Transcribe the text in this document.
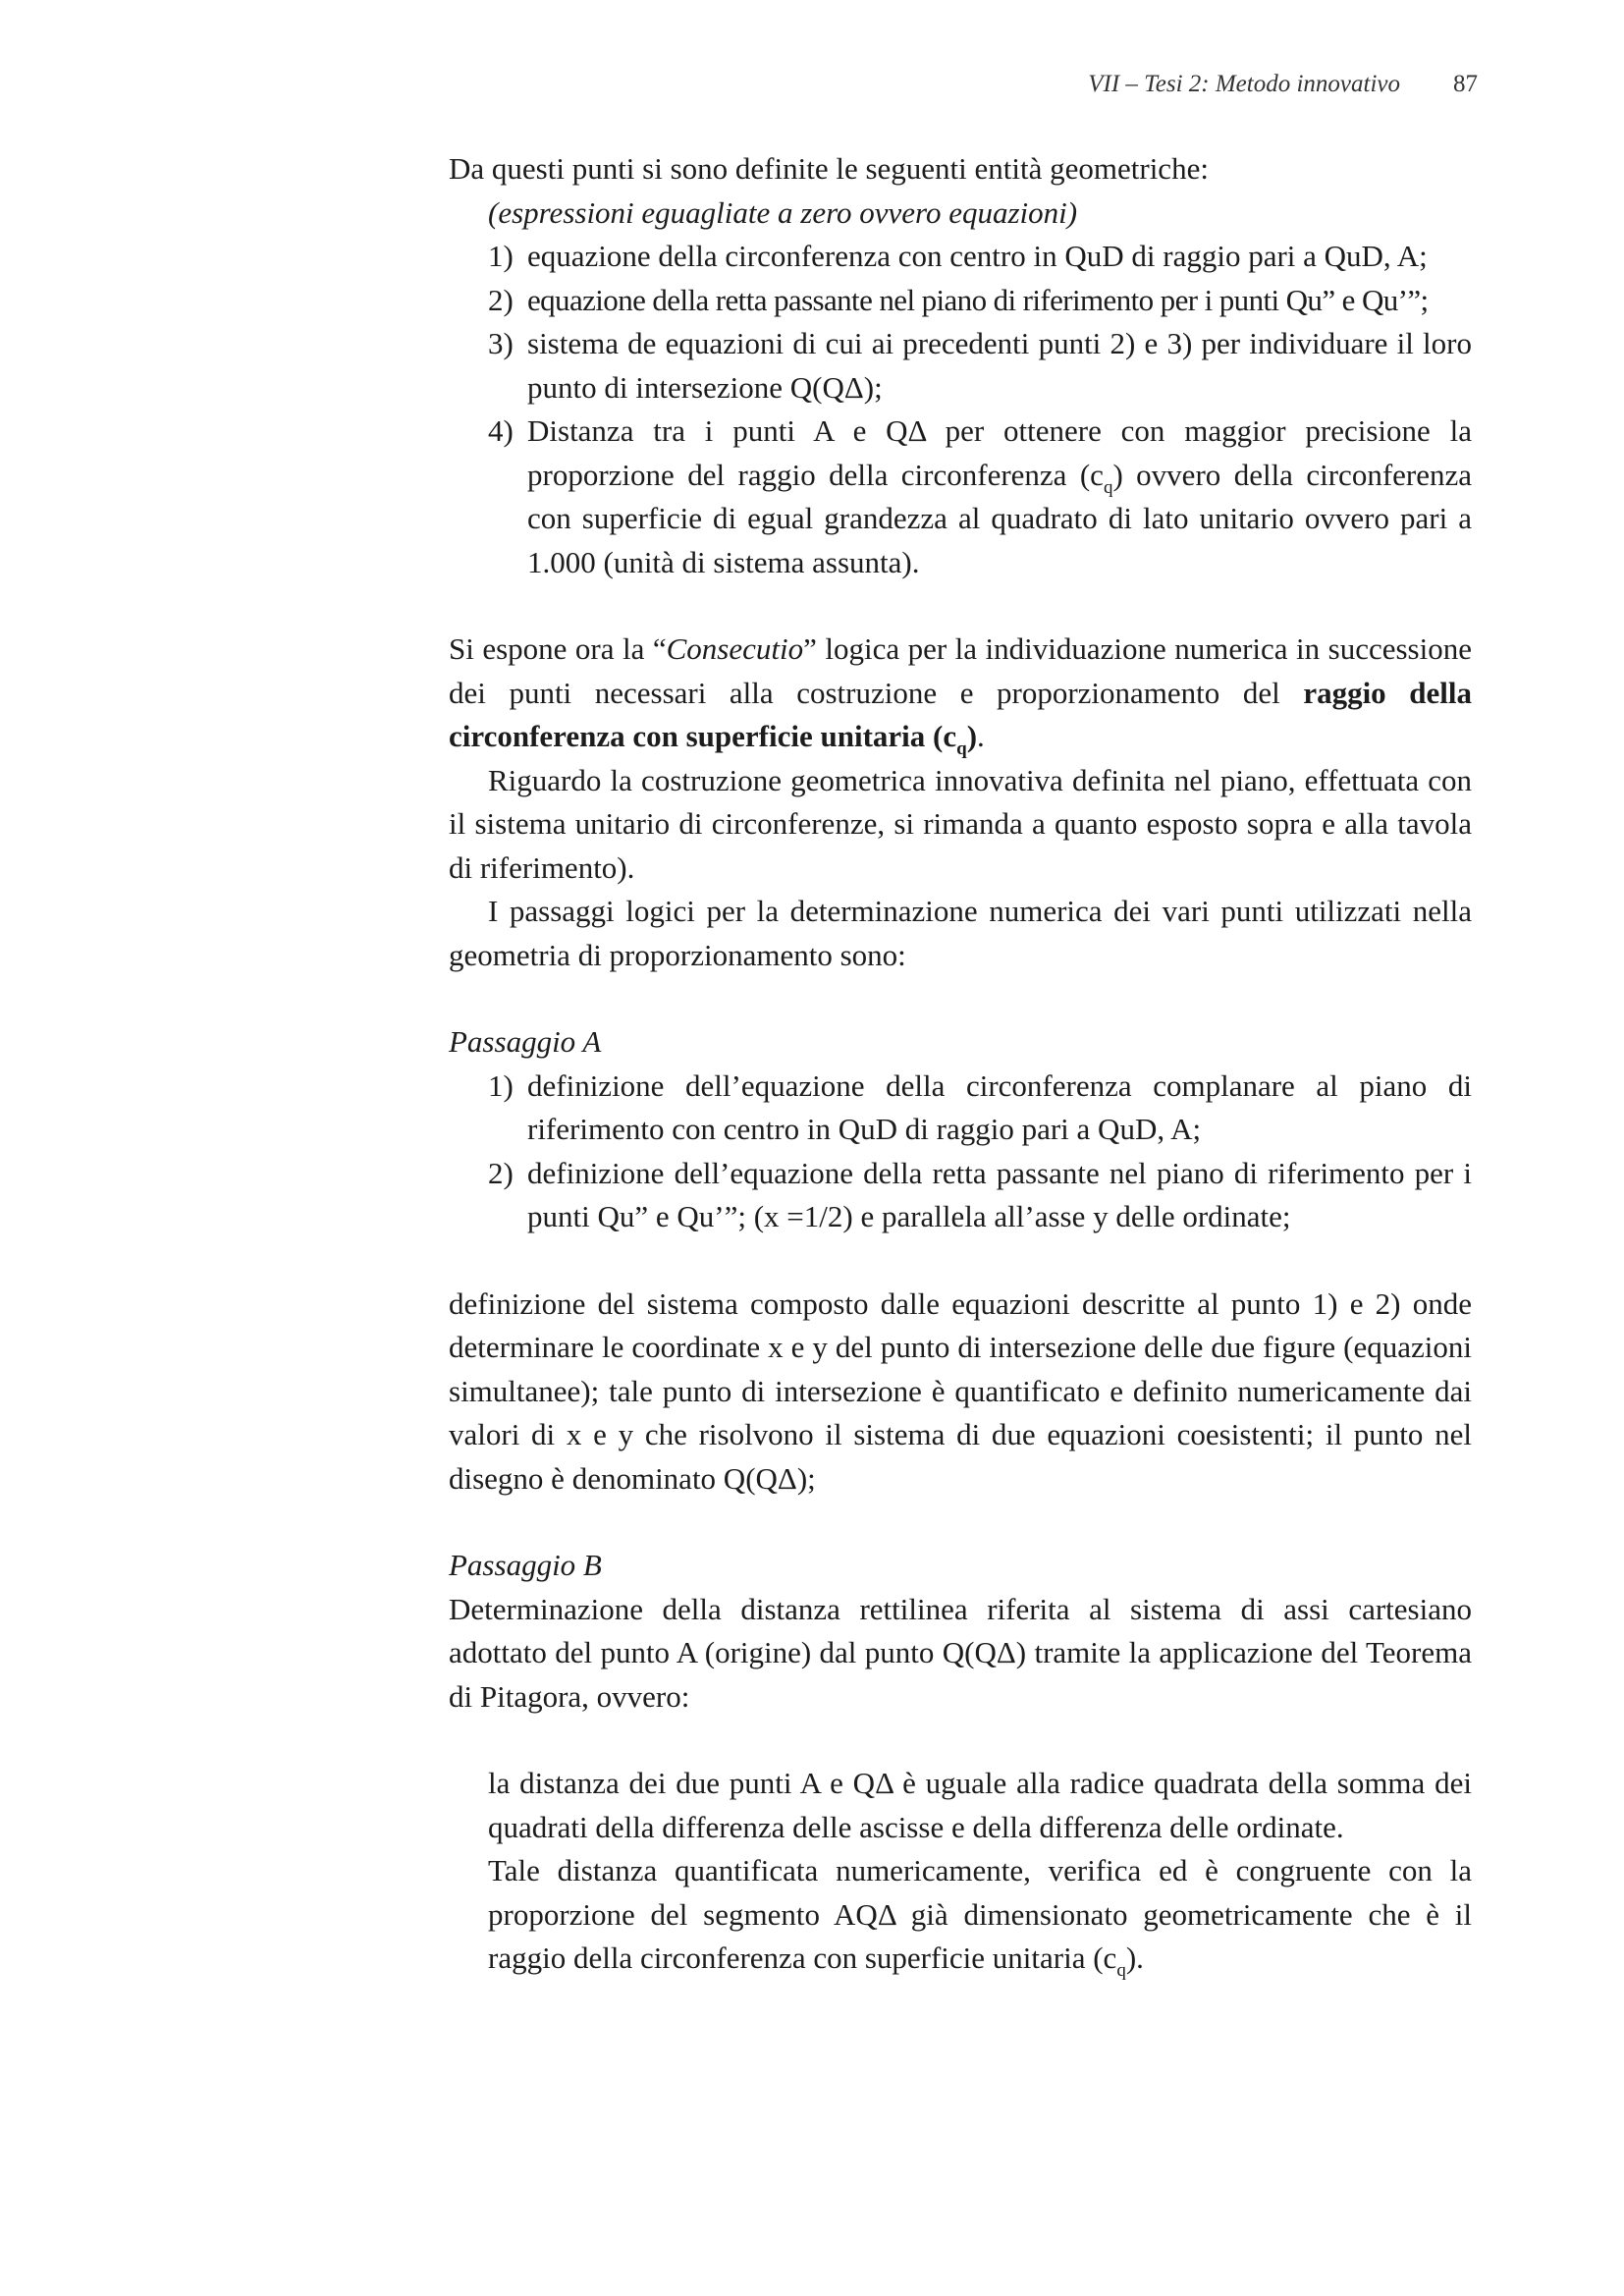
VII – Tesi 2: Metodo innovativo 87

Da questi punti si sono definite le seguenti entità geometriche:

(espressioni eguagliate a zero ovvero equazioni)

1) equazione della circonferenza con centro in QuD di raggio pari a QuD, A;
2) equazione della retta passante nel piano di riferimento per i punti Qu” e Qu’”;
3) sistema de equazioni di cui ai precedenti punti 2) e 3) per individuare il loro punto di intersezione Q(QΔ);
4) Distanza tra i punti A e QΔ per ottenere con maggior precisione la proporzione del raggio della circonferenza $(c_q)$ ovvero della circonferenza con superficie di egual grandezza al quadrato di lato unitario ovvero pari a 1.000 (unità di sistema assunta).

Si espone ora la “Consecutio” logica per la individuazione numerica in successione dei punti necessari alla costruzione e proporzionamento del raggio della circonferenza con superficie unitaria $(c_q)$.

Riguardo la costruzione geometrica innovativa definita nel piano, effettuata con il sistema unitario di circonferenze, si rimanda a quanto esposto sopra e alla tavola di riferimento).

I passaggi logici per la determinazione numerica dei vari punti utilizzati nella geometria di proporzionamento sono:

Passaggio A

1) definizione dell’equazione della circonferenza complanare al piano di riferimento con centro in QuD di raggio pari a QuD, A;
2) definizione dell’equazione della retta passante nel piano di riferimento per i punti Qu” e Qu’”; (x =1/2) e parallela all’asse y delle ordinate;

definizione del sistema composto dalle equazioni descritte al punto 1) e 2) onde determinare le coordinate x e y del punto di intersezione delle due figure (equazioni simultanee); tale punto di intersezione è quantificato e definito numericamente dai valori di x e y che risolvono il sistema di due equazioni coesistenti; il punto nel disegno è denominato Q(QΔ);

Passaggio B

Determinazione della distanza rettilinea riferita al sistema di assi cartesiano adottato del punto A (origine) dal punto Q(QΔ) tramite la applicazione del Teorema di Pitagora, ovvero:

la distanza dei due punti A e QΔ è uguale alla radice quadrata della somma dei quadrati della differenza delle ascisse e della differenza delle ordinate.

Tale distanza quantificata numericamente, verifica ed è congruente con la proporzione del segmento AQΔ già dimensionato geometricamente che è il raggio della circonferenza con superficie unitaria $(c_q)$.
